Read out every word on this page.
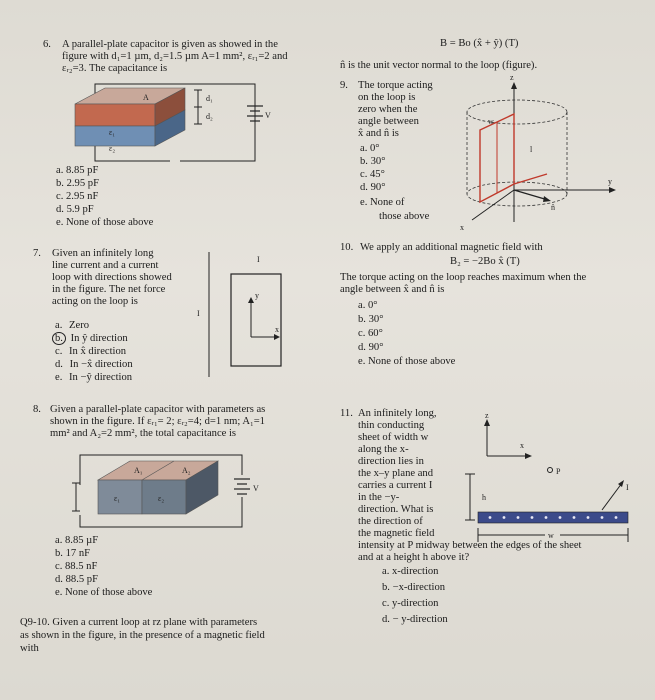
6. A parallel-plate capacitor is given as showed in the
figure with d₁=1 µm, d₂=1.5 µm A=1 mm², εᵣ₁=2 and
εᵣ₂=3. The capacitance is
A
ε₁
ε₂
d₁
d₂	V
a. 8.85 pF
b. 2.95 pF
c. 2.95 nF
d. 5.9 pF
e. None of those above
7. Given an infinitely long
line current and a current
loop with directions showed
in the figure. The net force
acting on the loop is
I
I
y
x
a. Zero
b. In ŷ direction
c. In x̂ direction
d. In −x̂ direction
e. In −ŷ direction
8. Given a parallel-plate capacitor with parameters as
shown in the figure. If εᵣ₁= 2; εᵣ₂=4; d=1 nm; A₁=1
mm² and A₂=2 mm², the total capacitance is
A₁	A₂
ε₁	ε₂
V
a. 8.85 µF
b. 17 nF
c. 88.5 nF
d. 88.5 pF
e. None of those above
Q9-10. Given a current loop at rz plane with parameters
as shown in the figure, in the presence of a magnetic field
with
B = Bo (x̂ + ŷ) (T)
n̂ is the unit vector normal to the loop (figure).
9. The torque acting
on the loop is
zero when the
angle between
x̂ and n̂ is
a. 0°
b. 30°
c. 45°
d. 90°
e. None of
those above
z
y
x
w
l
n̂
10. We apply an additional magnetic field with
B₂ = −2Bo x̂ (T)
The torque acting on the loop reaches maximum when the
angle between x̂ and n̂ is
a. 0°
b. 30°
c. 60°
d. 90°
e. None of those above
11. An infinitely long,
thin conducting
sheet of width w
along the x-
direction lies in
the x–y plane and
carries a current I
in the −y-
direction. What is
the direction of
the magnetic field
intensity at P midway between the edges of the sheet
and at a height h above it?
a. x-direction
b. −x-direction
c. y-direction
d. − y-direction
z
x
P
h
I
w
